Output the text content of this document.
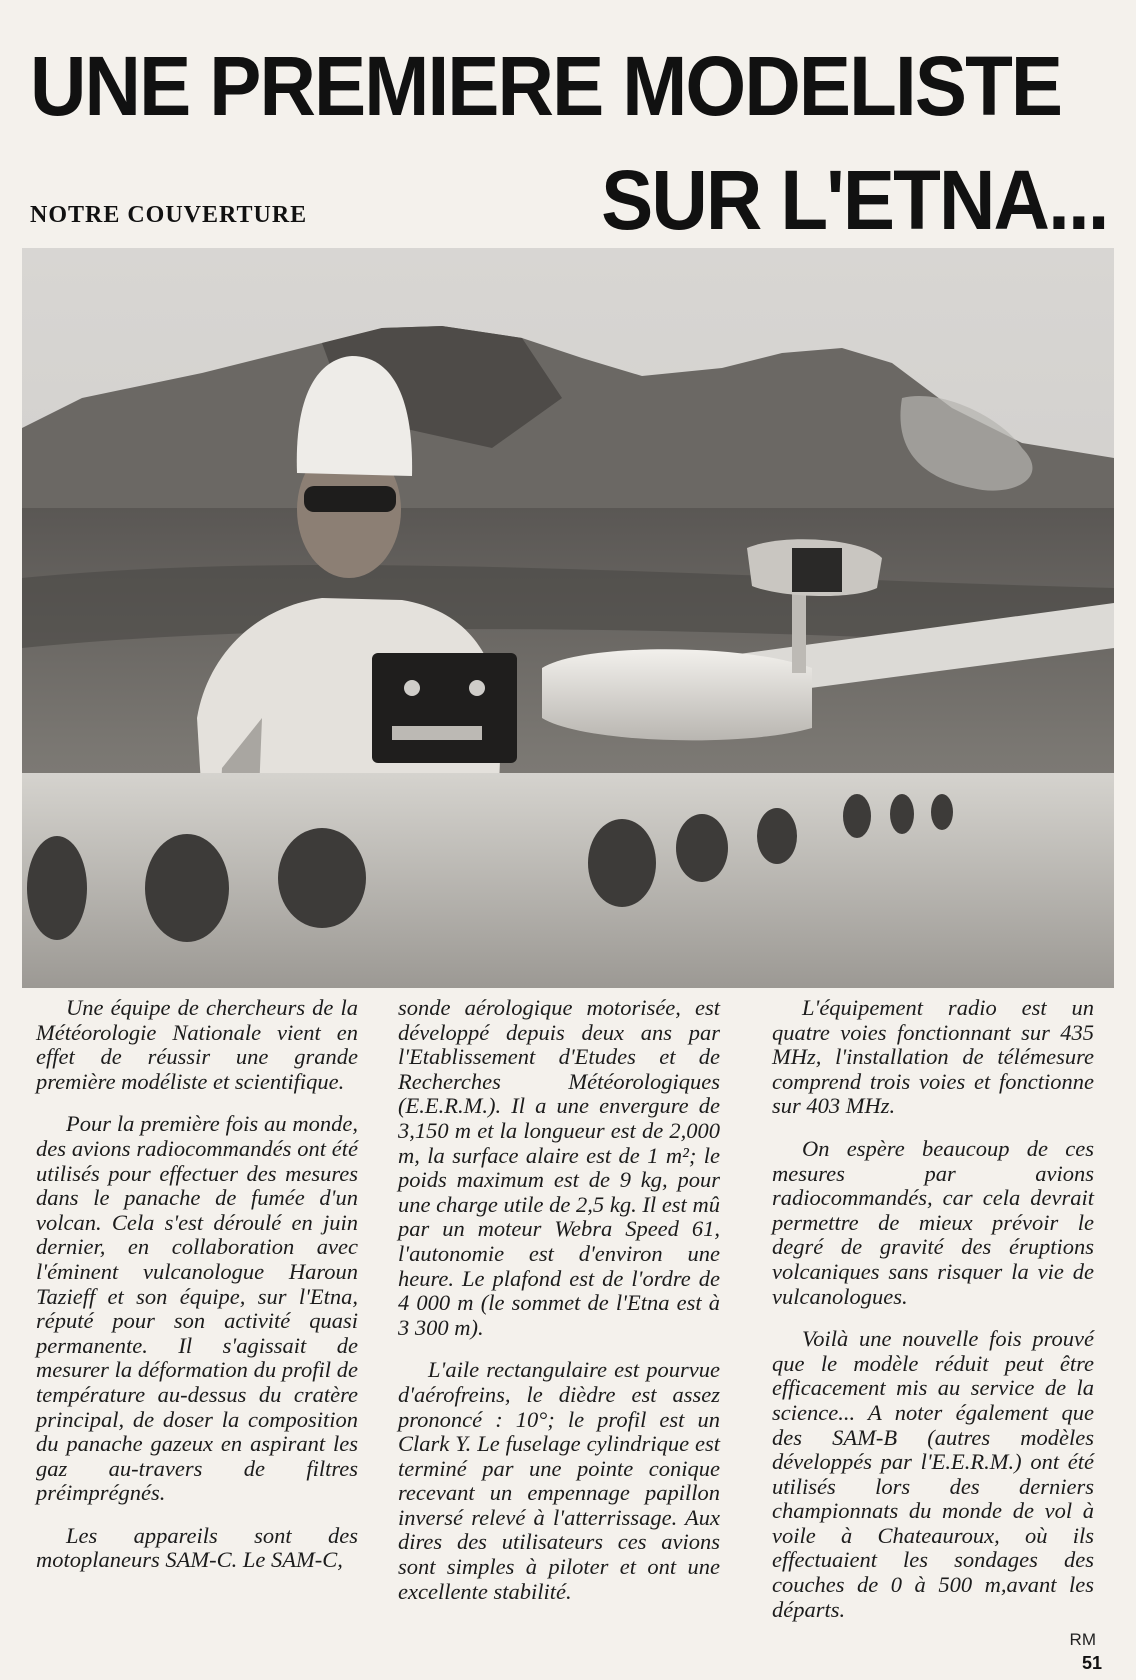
UNE PREMIERE MODELISTE
NOTRE COUVERTURE	SUR L'ETNA...

Une équipe de chercheurs de la Météorologie Nationale vient en effet de réussir une grande première modéliste et scientifique.

Pour la première fois au monde, des avions radiocommandés ont été utilisés pour effectuer des mesures dans le panache de fumée d'un volcan. Cela s'est déroulé en juin dernier, en collaboration avec l'éminent vulcanologue Haroun Tazieff et son équipe, sur l'Etna, réputé pour son activité quasi permanente. Il s'agissait de mesurer la déformation du profil de température au-dessus du cratère principal, de doser la composition du panache gazeux en aspirant les gaz au-travers de filtres préimprégnés.

Les appareils sont des motoplaneurs SAM-C. Le SAM-C,

sonde aérologique motorisée, est développé depuis deux ans par l'Etablissement d'Etudes et de Recherches Météorologiques (E.E.R.M.). Il a une envergure de 3,150 m et la longueur est de 2,000 m, la surface alaire est de 1 m²; le poids maximum est de 9 kg, pour une charge utile de 2,5 kg. Il est mû par un moteur Webra Speed 61, l'autonomie est d'environ une heure. Le plafond est de l'ordre de 4 000 m (le sommet de l'Etna est à 3 300 m).

L'aile rectangulaire est pourvue d'aérofreins, le dièdre est assez prononcé : 10°; le profil est un Clark Y. Le fuselage cylindrique est terminé par une pointe conique recevant un empennage papillon inversé relevé à l'atterrissage. Aux dires des utilisateurs ces avions sont simples à piloter et ont une excellente stabilité.

L'équipement radio est un quatre voies fonctionnant sur 435 MHz, l'installation de télémesure comprend trois voies et fonctionne sur 403 MHz.

On espère beaucoup de ces mesures par avions radiocommandés, car cela devrait permettre de mieux prévoir le degré de gravité des éruptions volcaniques sans risquer la vie de vulcanologues.

Voilà une nouvelle fois prouvé que le modèle réduit peut être efficacement mis au service de la science... A noter également que des SAM-B (autres modèles développés par l'E.E.R.M.) ont été utilisés lors des derniers championnats du monde de vol à voile à Chateauroux, où ils effectuaient les sondages des couches de 0 à 500 m,avant les départs.

RM
51
